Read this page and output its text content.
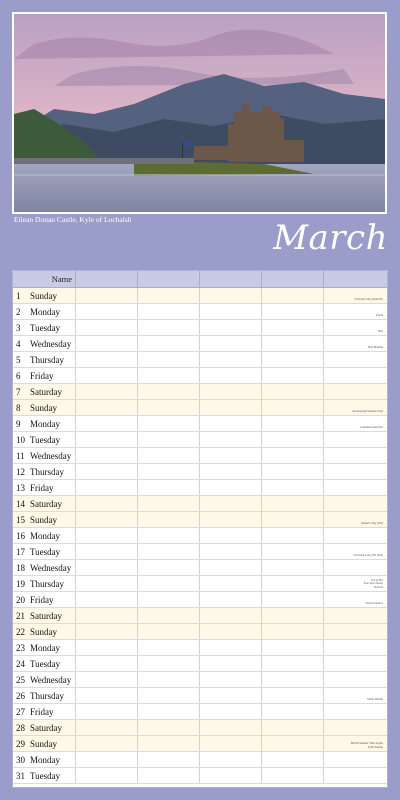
Eilean Donan Castle, Kyle of Lochalsh	March
Name
1	Sunday	St David's Day (WALES)
2	Monday	Purim
3	Tuesday	Holi
4	Wednesday	Holi Bhikshu
5	Thursday
6	Friday
7	Saturday
8	Sunday	International Women's Day
9	Monday	Commonwealth Day
10 Tuesday
11 Wednesday
12 Thursday
13 Friday
14 Saturday
15 Sunday	Mother's Day (UK)
16 Monday
17 Tuesday	St Patrick's Day (NI, ROI)
18 Wednesday
19 Thursday	Eid al-Fitr
Start Nava Ruzar
Nowruz
20 Friday	Vernal Equinox
21 Saturday
22 Sunday
23 Monday
24 Tuesday
25 Wednesday
26 Thursday	Manic Hermit
27 Friday
28 Saturday
29 Sunday	British Summer Time begins
Palm Sunday
30 Monday
31 Tuesday
